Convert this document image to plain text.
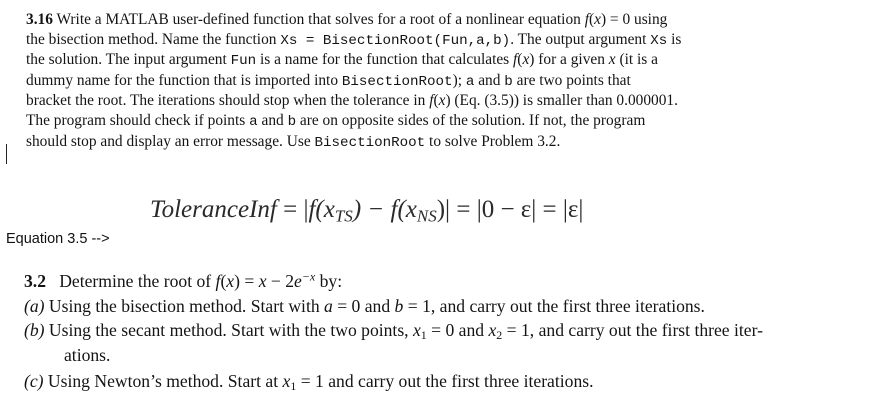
3.16 Write a MATLAB user-defined function that solves for a root of a nonlinear equation f(x) = 0 using
the bisection method. Name the function Xs = BisectionRoot(Fun,a,b). The output argument Xs is
the solution. The input argument Fun is a name for the function that calculates f(x) for a given x (it is a
dummy name for the function that is imported into BisectionRoot); a and b are two points that
bracket the root. The iterations should stop when the tolerance in f(x) (Eq. (3.5)) is smaller than 0.000001.
The program should check if points a and b are on opposite sides of the solution. If not, the program
should stop and display an error message. Use BisectionRoot to solve Problem 3.2.
ToleranceInf = $|f(x_{TS}) - f(x_{NS})| = |0 - \varepsilon| = |\varepsilon|$
Equation 3.5 -->
3.2 Determine the root of $f(x) = x - 2e^{-x}$ by:
(a) Using the bisection method. Start with a = 0 and b = 1, and carry out the first three iterations.
(b) Using the secant method. Start with the two points, $x_1 = 0$ and $x_2 = 1$, and carry out the first three iter-
ations.
(c) Using Newton’s method. Start at $x_1 = 1$ and carry out the first three iterations.
